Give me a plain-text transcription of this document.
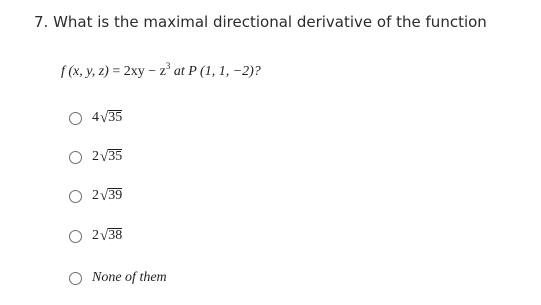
7. What is the maximal directional derivative of the function
f (x, y, $z) = 2xy - z^3$ at P (1, 1, −2)?
4 √ 35
2 √ 35
2 √ 39
2 √ 38
None of them
